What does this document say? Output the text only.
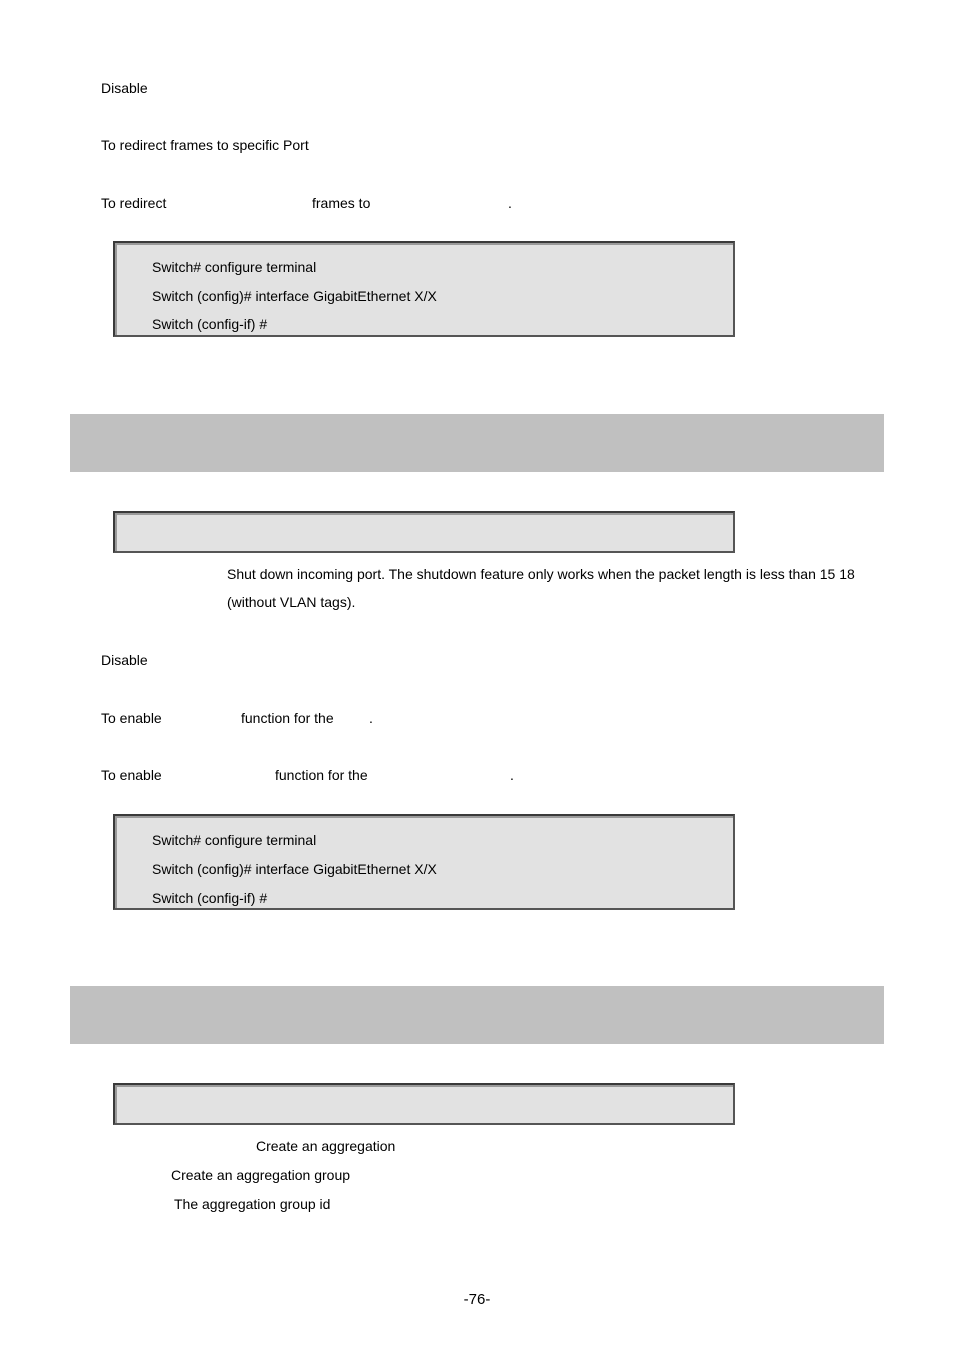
Disable
To redirect frames to specific Port
To redirect	frames to	.
Switch# configure terminal
Switch (config)# interface GigabitEthernet X/X
Switch (config-if) #
Shut down incoming port. The shutdown feature only works when the packet length is less than 15 18
(without VLAN tags).
Disable
To enable	function for the	.
To enable	function for the	.
Switch# configure terminal
Switch (config)# interface GigabitEthernet X/X
Switch (config-if) #
Create an aggregation
Create an aggregation group
The aggregation group id
-76-
